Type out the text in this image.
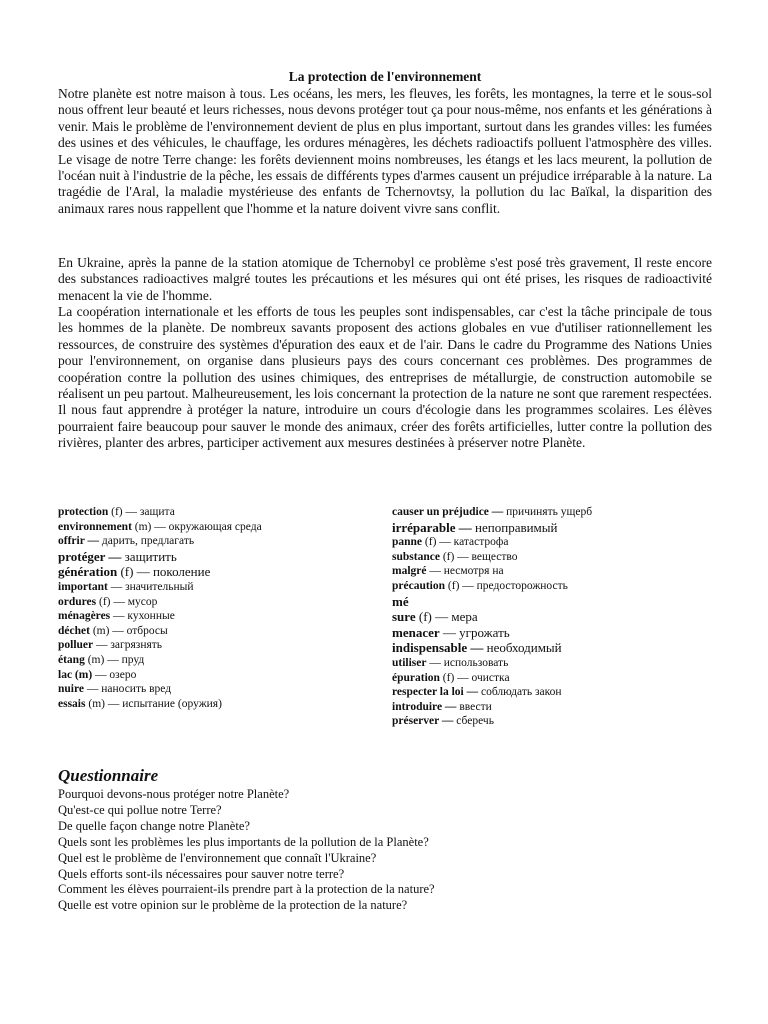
La protection de l'environnement

Notre planète est notre maison à tous. Les océans, les mers, les fleuves, les forêts, les montagnes, la terre et le sous-sol nous offrent leur beauté et leurs richesses, nous devons protéger tout ça pour nous-même, nos enfants et les générations à venir. Mais le problème de l'environnement devient de plus en plus important, surtout dans les grandes villes: les fumées des usines et des véhicules, le chauffage, les ordures ménagères, les déchets radioactifs polluent l'atmosphère des villes. Le visage de notre Terre change: les forêts deviennent moins nombreuses, les étangs et les lacs meurent, la pollution de l'océan nuit à l'industrie de la pêche, les essais de différents types d'armes causent un préjudice irréparable à la nature. La tragédie de l'Aral, la maladie mystérieuse des enfants de Tchernovtsy, la pollution du lac Baïkal, la disparition des animaux rares nous rappellent que l'homme et la nature doivent vivre sans conflit.

En Ukraine, après la panne de la station atomique de Tchernobyl ce problème s'est posé très gravement, Il reste encore des substances radioactives malgré toutes les précautions et les mésures qui ont été prises, les risques de radioactivité menacent la vie de l'homme.

La coopération internationale et les efforts de tous les peuples sont indispensables, car c'est la tâche principale de tous les hommes de la planète. De nombreux savants proposent des actions globales en vue d'utiliser rationnellement les ressources, de construire des systèmes d'épuration des eaux et de l'air. Dans le cadre du Programme des Nations Unies pour l'environnement, on organise dans plusieurs pays des cours concernant ces problèmes. Des programmes de coopération contre la pollution des usines chimiques, des entreprises de métallurgie, de construction automobile se réalisent un peu partout. Malheureusement, les lois concernant la protection de la nature ne sont que rarement respectées. Il nous faut apprendre à protéger la nature, introduire un cours d'écologie dans les programmes scolaires. Les élèves pourraient faire beaucoup pour sauver le monde des animaux, créer des forêts artificielles, lutter contre la pollution des rivières, planter des arbres, participer activement aux mesures destinées à préserver notre Planète.

protection (f) — защита
environnement (m) — окружающая среда
offrir — дарить, предлагать
protéger — защитить
génération (f) — поколение
important — значительный
ordures (f) — мусор
ménagères — кухонные
déchet (m) — отбросы
polluer — загрязнять
étang (m) — пруд
lac (m) — озеро
nuire — наносить вред
essais (m) — испытание (оружия)
causer un préjudice — причинять ущерб
irréparable — непоправимый
panne (f) — катастрофа
substance (f) — вещество
malgré — несмотря на
précaution (f) — предосторожность
mé
sure (f) — мера
menacer — угрожать
indispensable — необходимый
utiliser — использовать
épuration (f) — очистка
respecter la loi — соблюдать закон
introduire — ввести
préserver — сберечь
Questionnaire
Pourquoi devons-nous protéger notre Planète?
Qu'est-ce qui pollue notre Terre?
De quelle façon change notre Planète?
Quels sont les problèmes les plus importants de la pollution de la Planète?
Quel est le problème de l'environnement que connaît l'Ukraine?
Quels efforts sont-ils nécessaires pour sauver notre terre?
Comment les élèves pourraient-ils prendre part à la protection de la nature?
Quelle est votre opinion sur le problème de la protection de la nature?
